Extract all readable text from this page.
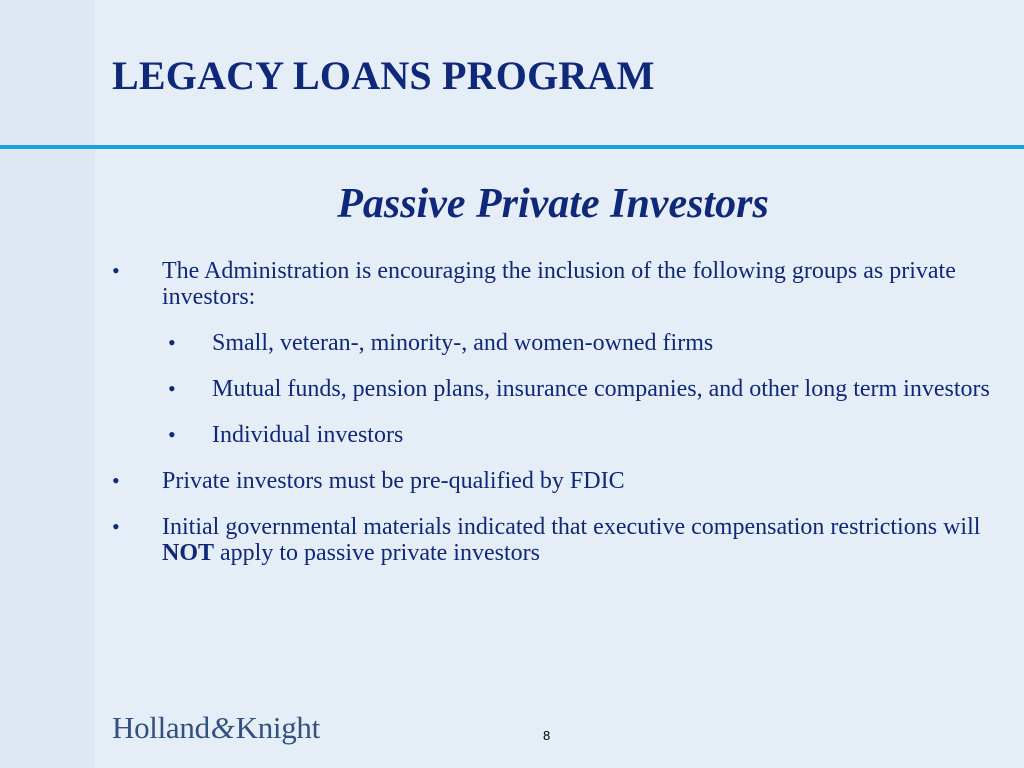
LEGACY LOANS PROGRAM
Passive Private Investors
• The Administration is encouraging the inclusion of the following groups as private investors:
• Small, veteran-, minority-, and women-owned firms
• Mutual funds, pension plans, insurance companies, and other long term investors
• Individual investors
• Private investors must be pre-qualified by FDIC
• Initial governmental materials indicated that executive compensation restrictions will NOT apply to passive private investors
Holland&Knight	8
